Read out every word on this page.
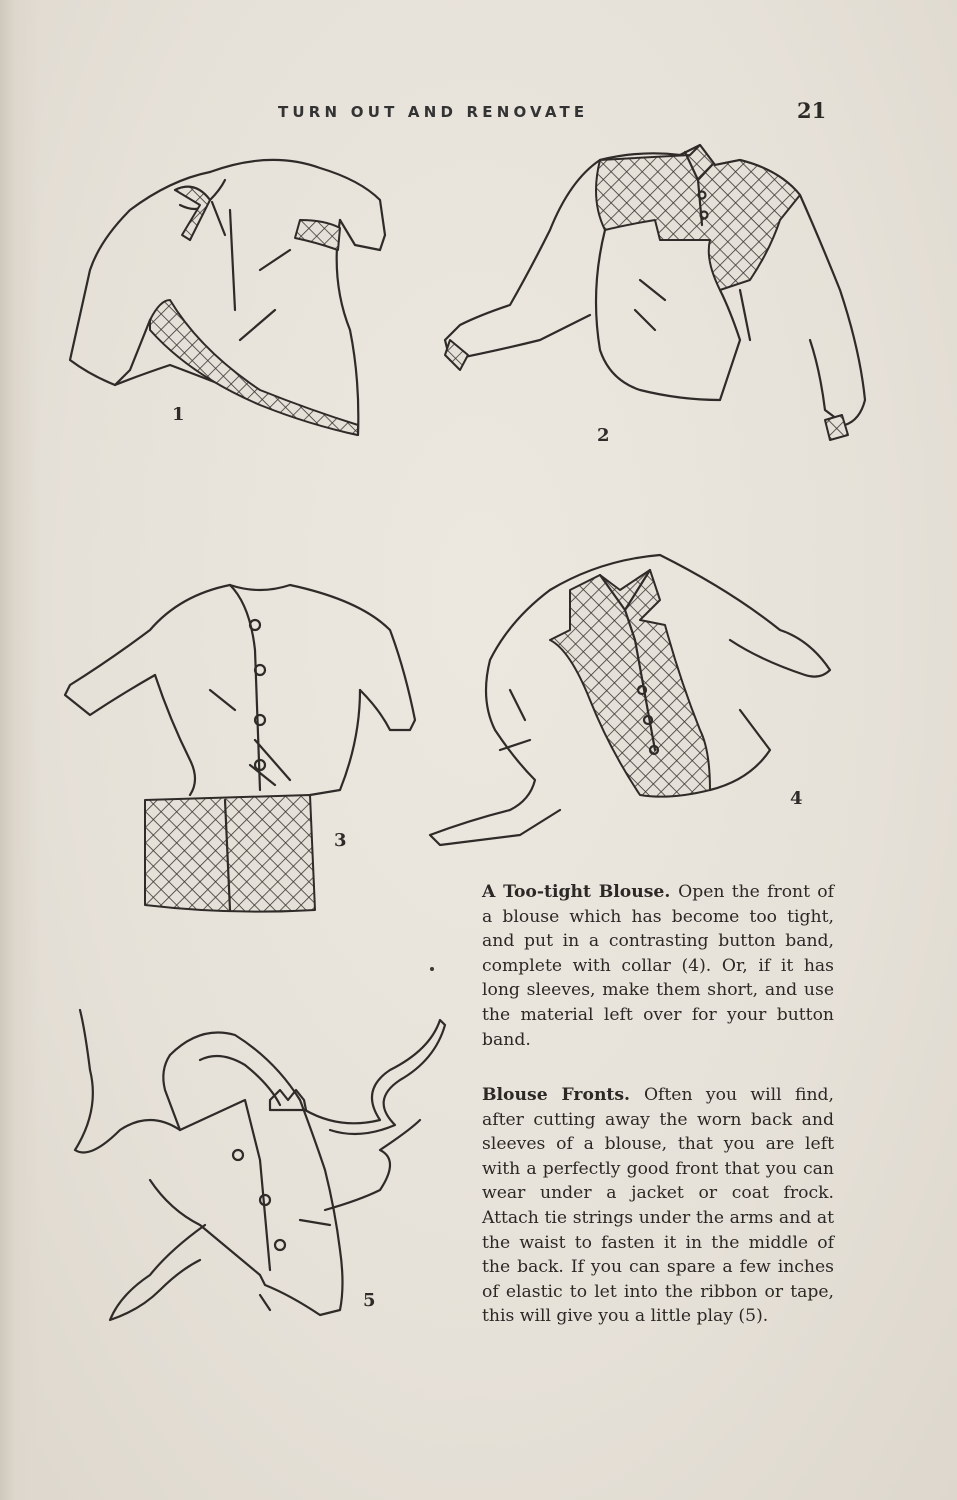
TURN OUT AND RENOVATE	21
1
2
3
4
5
A Too-tight Blouse. Open the front of a blouse which has become too tight, and put in a contrasting button band, complete with collar (4). Or, if it has long sleeves, make them short, and use the material left over for your button band.
Blouse Fronts. Often you will find, after cutting away the worn back and sleeves of a blouse, that you are left with a perfectly good front that you can wear under a jacket or coat frock. Attach tie strings under the arms and at the waist to fasten it in the middle of the back. If you can spare a few inches of elastic to let into the ribbon or tape, this will give you a little play (5).
